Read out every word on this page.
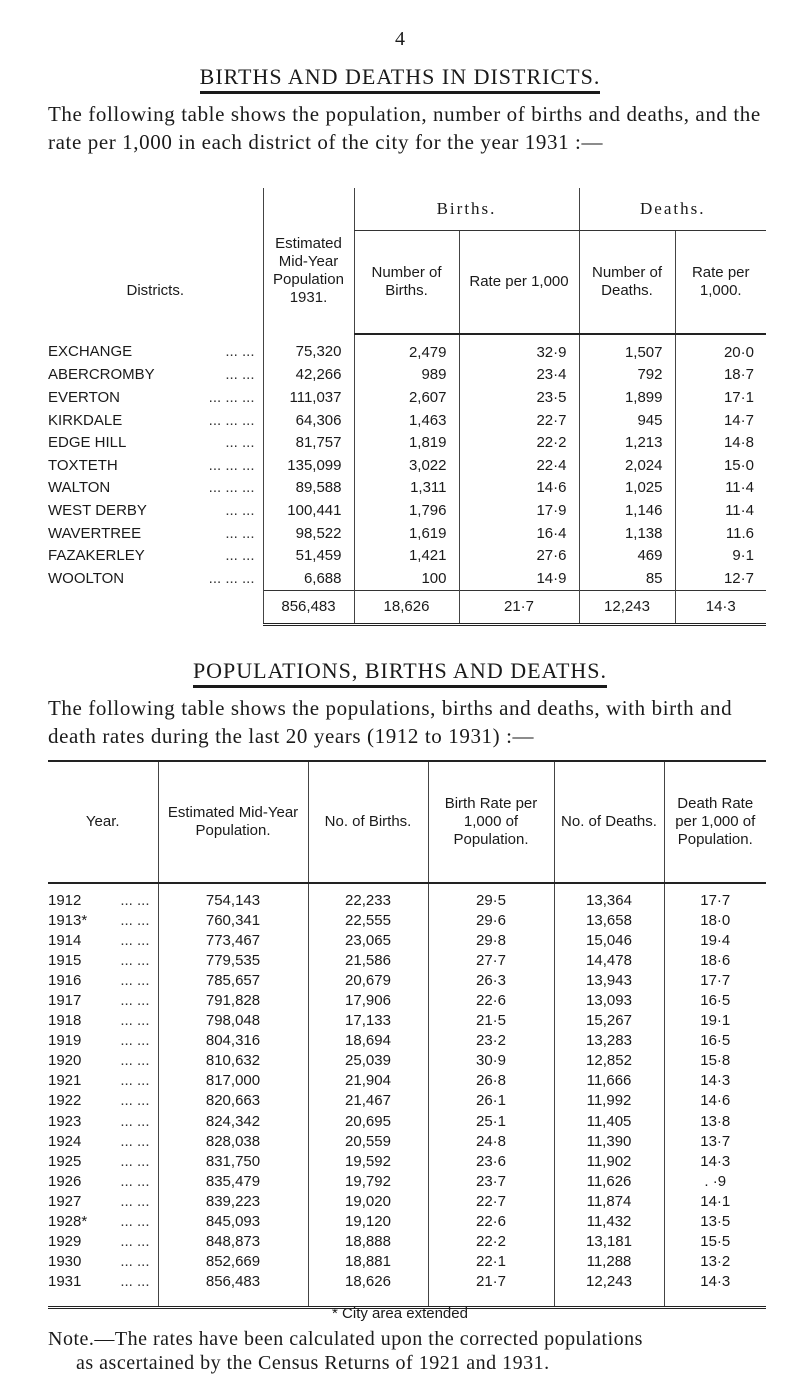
4
BIRTHS AND DEATHS IN DISTRICTS.
The following table shows the population, number of births and deaths, and the rate per 1,000 in each district of the city for the year 1931 :—
Districts.	Estimated Mid-Year Population 1931.	Births.		Deaths.	
		Number of Births.	Rate per 1,000	Number of Deaths.	Rate per 1,000.
EXCHANGE ... ...	75,320	2,479	32·9	1,507	20·0
ABERCROMBY ... ...	42,266	989	23·4	792	18·7
EVERTON ... ... ...	111,037	2,607	23·5	1,899	17·1
KIRKDALE ... ... ...	64,306	1,463	22·7	945	14·7
EDGE HILL ... ...	81,757	1,819	22·2	1,213	14·8
TOXTETH ... ... ...	135,099	3,022	22·4	2,024	15·0
WALTON ... ... ...	89,588	1,311	14·6	1,025	11·4
WEST DERBY ... ...	100,441	1,796	17·9	1,146	11·4
WAVERTREE ... ...	98,522	1,619	16·4	1,138	11.6
FAZAKERLEY ... ...	51,459	1,421	27·6	469	9·1
WOOLTON ... ... ...	6,688	100	14·9	85	12·7
	856,483	18,626	21·7	12,243	14·3
POPULATIONS, BIRTHS AND DEATHS.
The following table shows the populations, births and deaths, with birth and death rates during the last 20 years (1912 to 1931) :—
Year.	Estimated Mid-Year Population.	No. of Births.	Birth Rate per 1,000 of Population.	No. of Deaths.	Death Rate per 1,000 of Population.
1912 ... ...	754,143	22,233	29·5	13,364	17·7
1913* ... ...	760,341	22,555	29·6	13,658	18·0
1914 ... ...	773,467	23,065	29·8	15,046	19·4
1915 ... ...	779,535	21,586	27·7	14,478	18·6
1916 ... ...	785,657	20,679	26·3	13,943	17·7
1917 ... ...	791,828	17,906	22·6	13,093	16·5
1918 ... ...	798,048	17,133	21·5	15,267	19·1
1919 ... ...	804,316	18,694	23·2	13,283	16·5
1920 ... ...	810,632	25,039	30·9	12,852	15·8
1921 ... ...	817,000	21,904	26·8	11,666	14·3
1922 ... ...	820,663	21,467	26·1	11,992	14·6
1923 ... ...	824,342	20,695	25·1	11,405	13·8
1924 ... ...	828,038	20,559	24·8	11,390	13·7
1925 ... ...	831,750	19,592	23·6	11,902	14·3
1926 ... ...	835,479	19,792	23·7	11,626	. ·9
1927 ... ...	839,223	19,020	22·7	11,874	14·1
1928* ... ...	845,093	19,120	22·6	11,432	13·5
1929 ... ...	848,873	18,888	22·2	13,181	15·5
1930 ... ...	852,669	18,881	22·1	11,288	13·2
1931 ... ...	856,483	18,626	21·7	12,243	14·3
* City area extended
Note.—The rates have been calculated upon the corrected populations
as ascertained by the Census Returns of 1921 and 1931.
